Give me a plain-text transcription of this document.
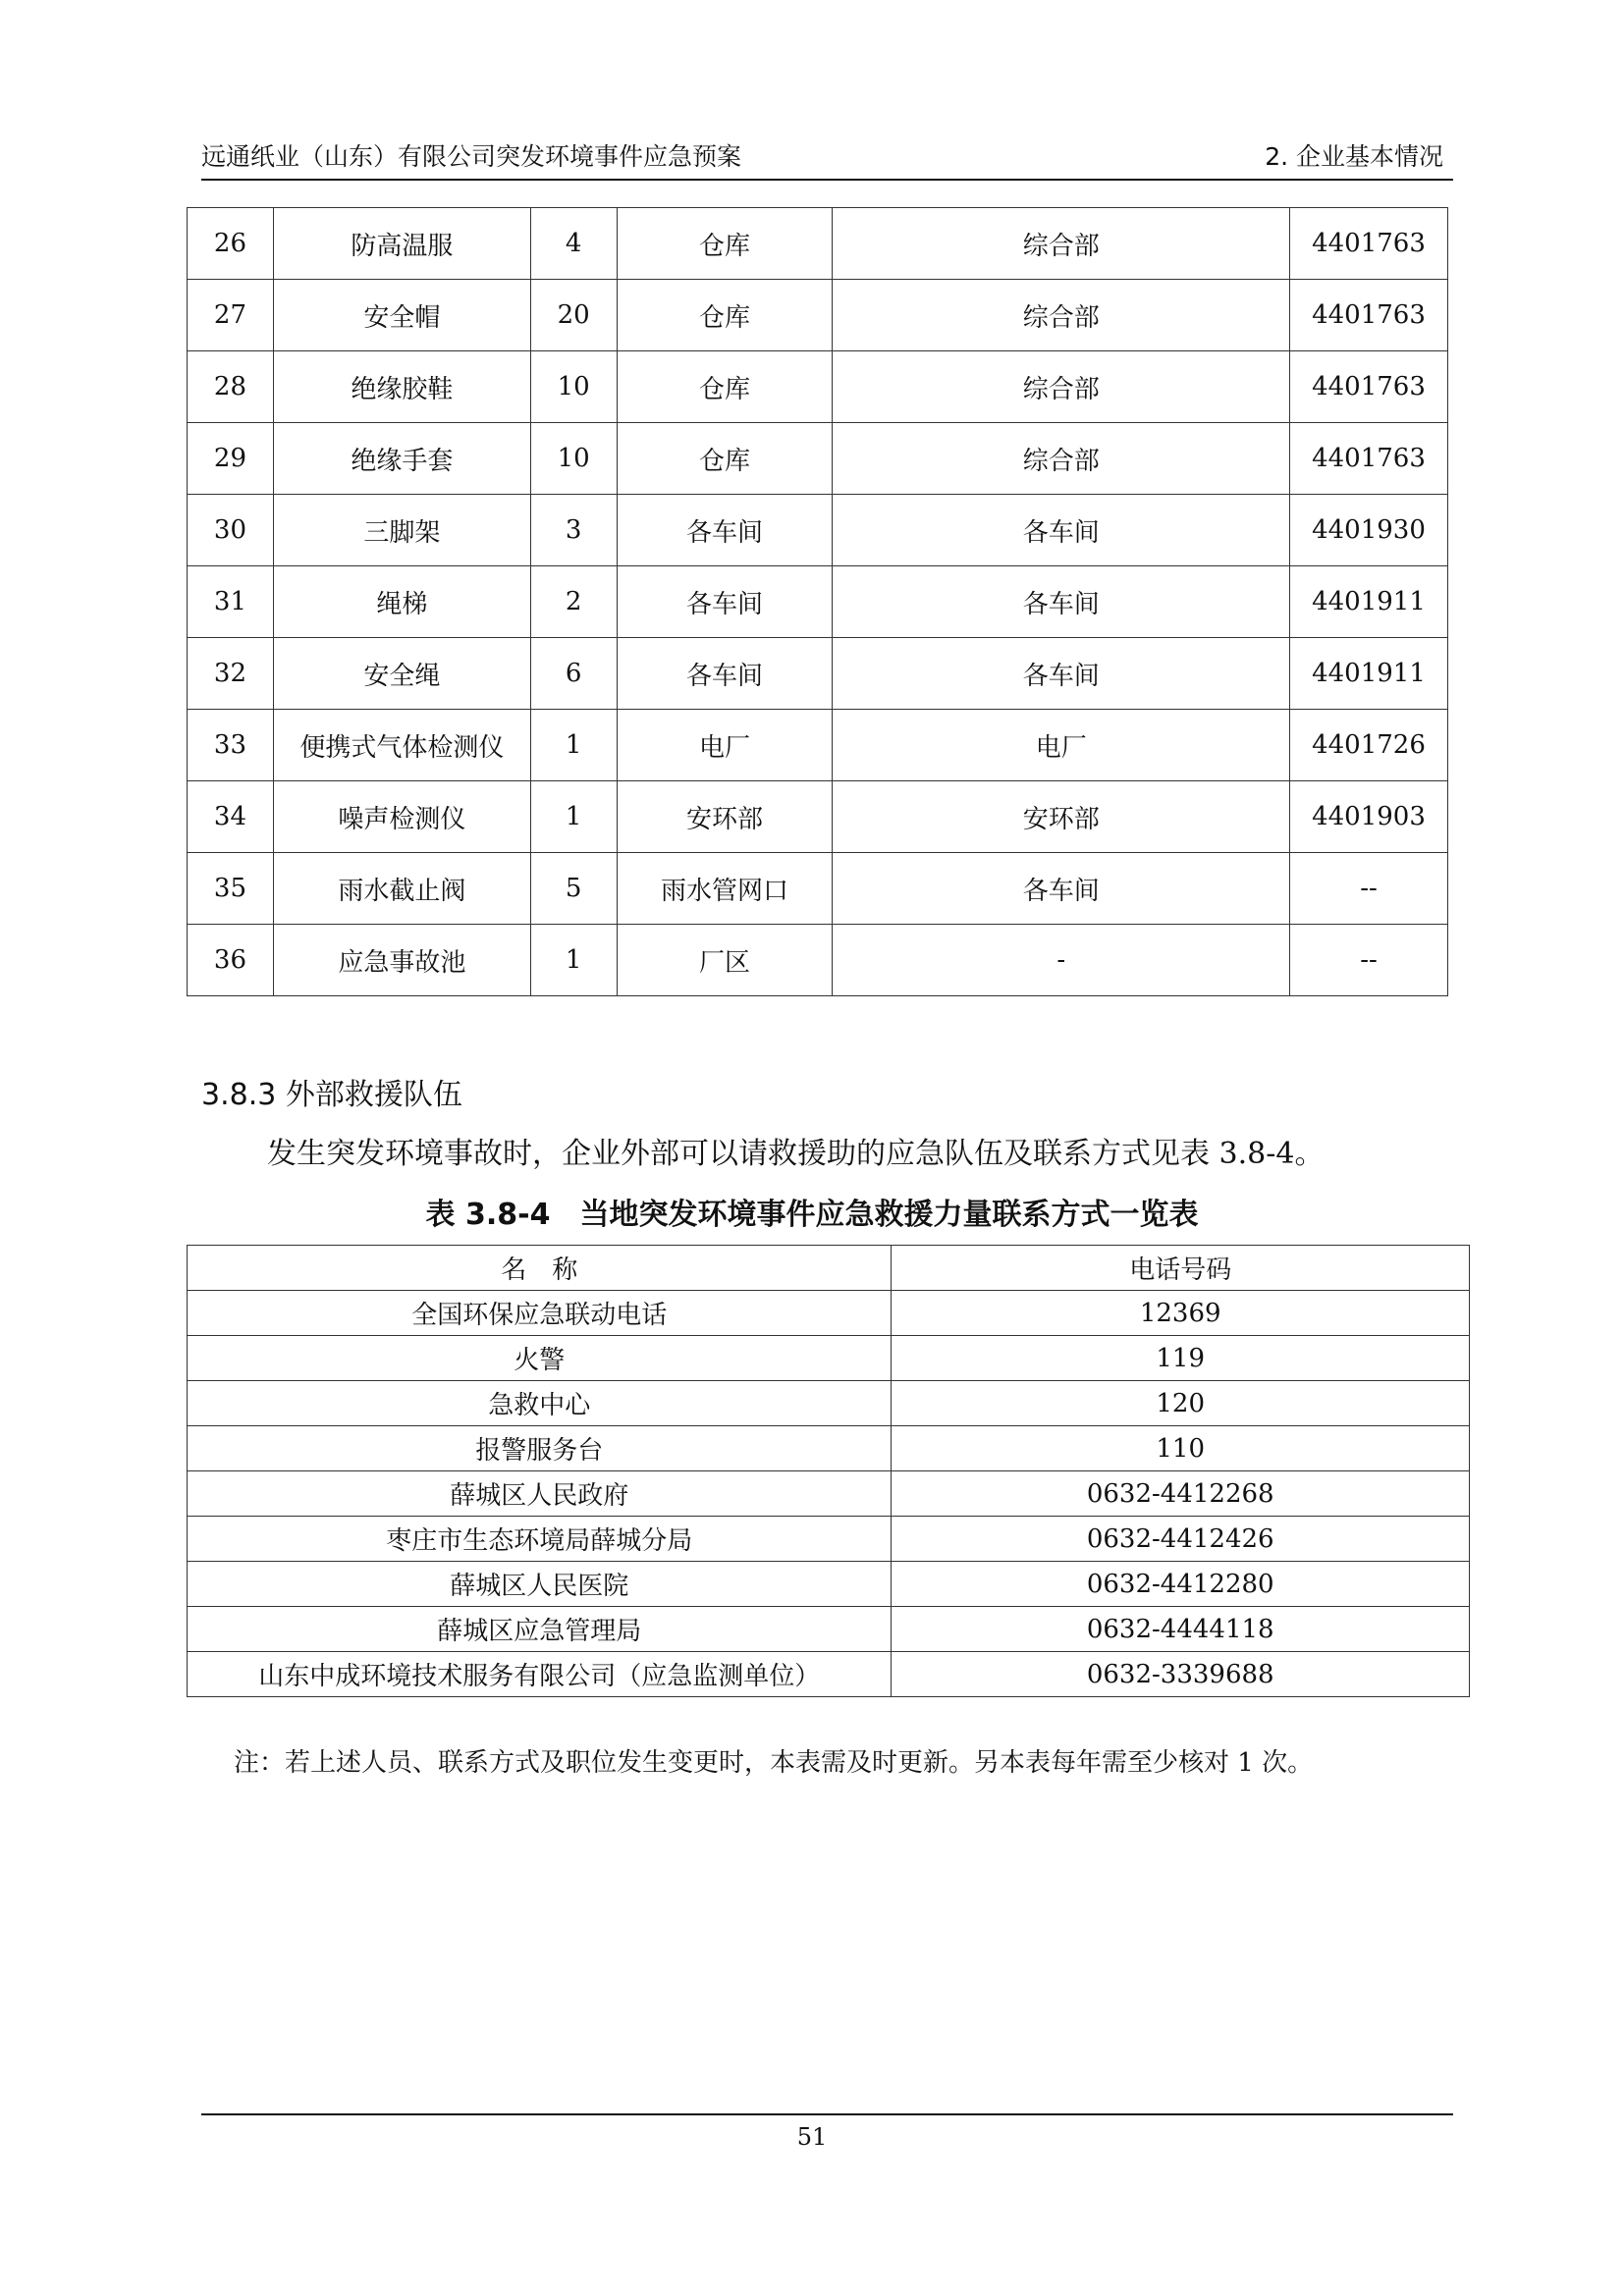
远通纸业（山东）有限公司突发环境事件应急预案	2. 企业基本情况
26	防高温服	4	仓库	综合部	4401763
27	安全帽	20	仓库	综合部	4401763
28	绝缘胶鞋	10	仓库	综合部	4401763
29	绝缘手套	10	仓库	综合部	4401763
30	三脚架	3	各车间	各车间	4401930
31	绳梯	2	各车间	各车间	4401911
32	安全绳	6	各车间	各车间	4401911
33	便携式气体检测仪	1	电厂	电厂	4401726
34	噪声检测仪	1	安环部	安环部	4401903
35	雨水截止阀	5	雨水管网口	各车间	--
36	应急事故池	1	厂区	-	--
3.8.3 外部救援队伍
发生突发环境事故时，企业外部可以请救援助的应急队伍及联系方式见表 3.8-4。
表 3.8-4　当地突发环境事件应急救援力量联系方式一览表
名　称	电话号码
全国环保应急联动电话	12369
火警	119
急救中心	120
报警服务台	110
薛城区人民政府	0632-4412268
枣庄市生态环境局薛城分局	0632-4412426
薛城区人民医院	0632-4412280
薛城区应急管理局	0632-4444118
山东中成环境技术服务有限公司（应急监测单位）	0632-3339688
注：若上述人员、联系方式及职位发生变更时，本表需及时更新。另本表每年需至少核对 1 次。
51
